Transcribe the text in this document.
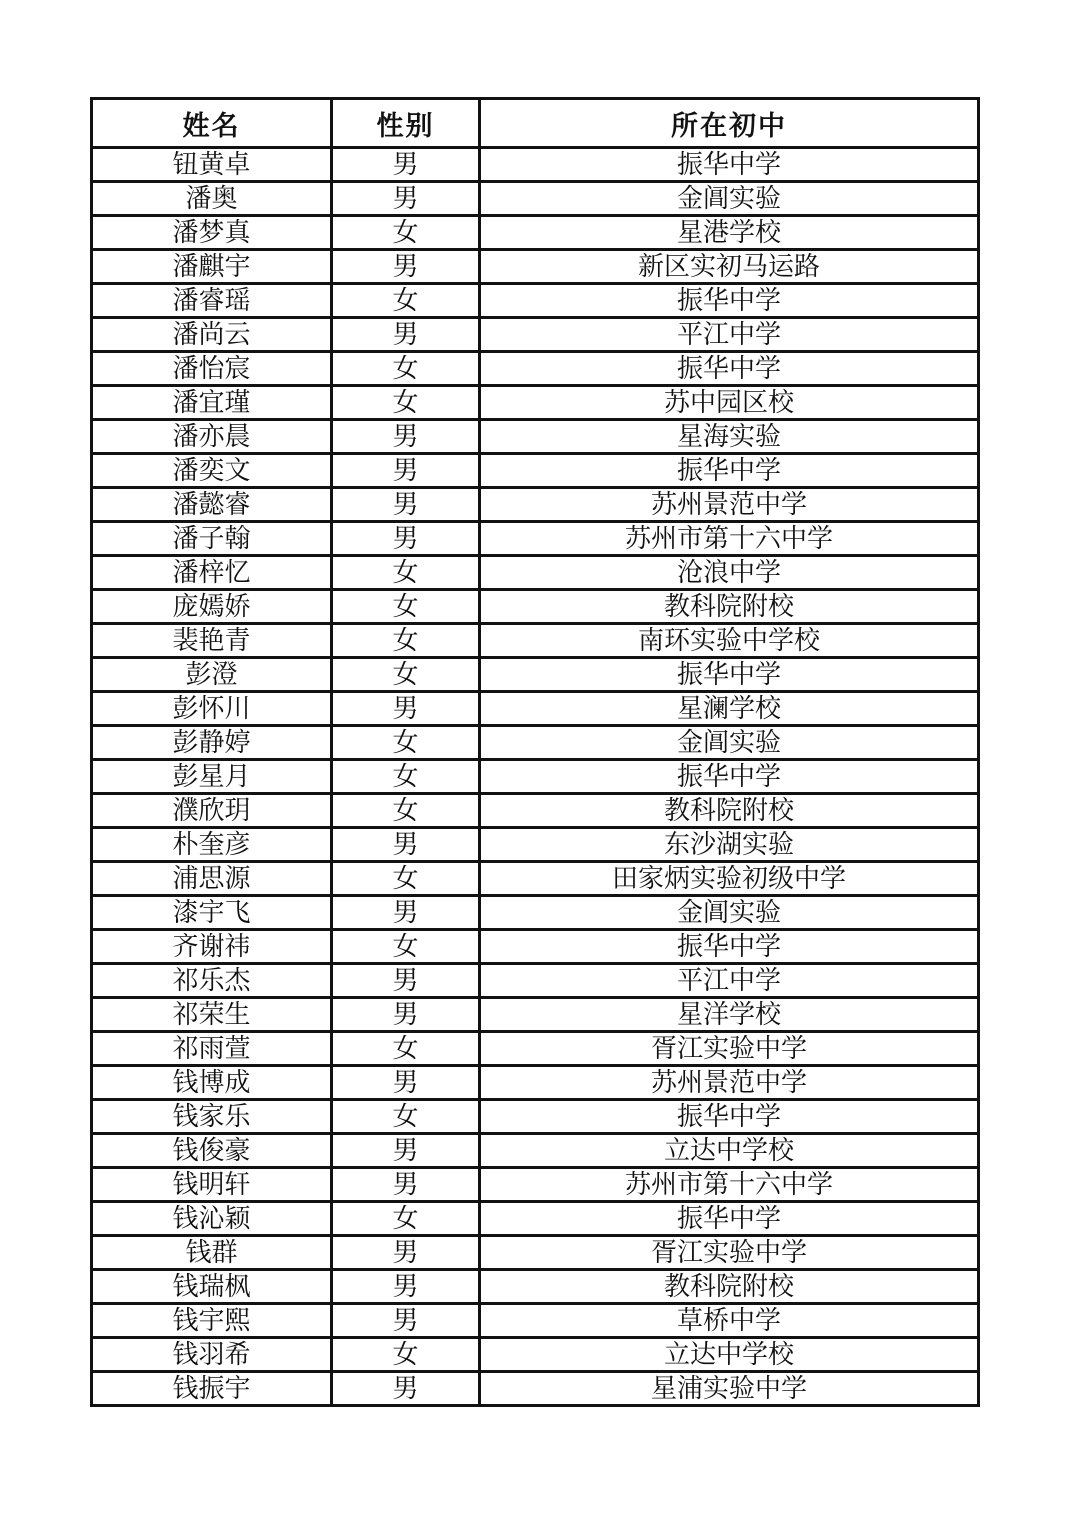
姓名	性别	所在初中
钮黄卓	男	振华中学
潘奥	男	金阊实验
潘梦真	女	星港学校
潘麒宇	男	新区实初马运路
潘睿瑶	女	振华中学
潘尚云	男	平江中学
潘怡宸	女	振华中学
潘宜瑾	女	苏中园区校
潘亦晨	男	星海实验
潘奕文	男	振华中学
潘懿睿	男	苏州景范中学
潘子翰	男	苏州市第十六中学
潘梓忆	女	沧浪中学
庞嫣娇	女	教科院附校
裴艳青	女	南环实验中学校
彭澄	女	振华中学
彭怀川	男	星澜学校
彭静婷	女	金阊实验
彭星月	女	振华中学
濮欣玥	女	教科院附校
朴奎彦	男	东沙湖实验
浦思源	女	田家炳实验初级中学
漆宇飞	男	金阊实验
齐谢祎	女	振华中学
祁乐杰	男	平江中学
祁荣生	男	星洋学校
祁雨萱	女	胥江实验中学
钱博成	男	苏州景范中学
钱家乐	女	振华中学
钱俊豪	男	立达中学校
钱明轩	男	苏州市第十六中学
钱沁颖	女	振华中学
钱群	男	胥江实验中学
钱瑞枫	男	教科院附校
钱宇熙	男	草桥中学
钱羽希	女	立达中学校
钱振宇	男	星浦实验中学
